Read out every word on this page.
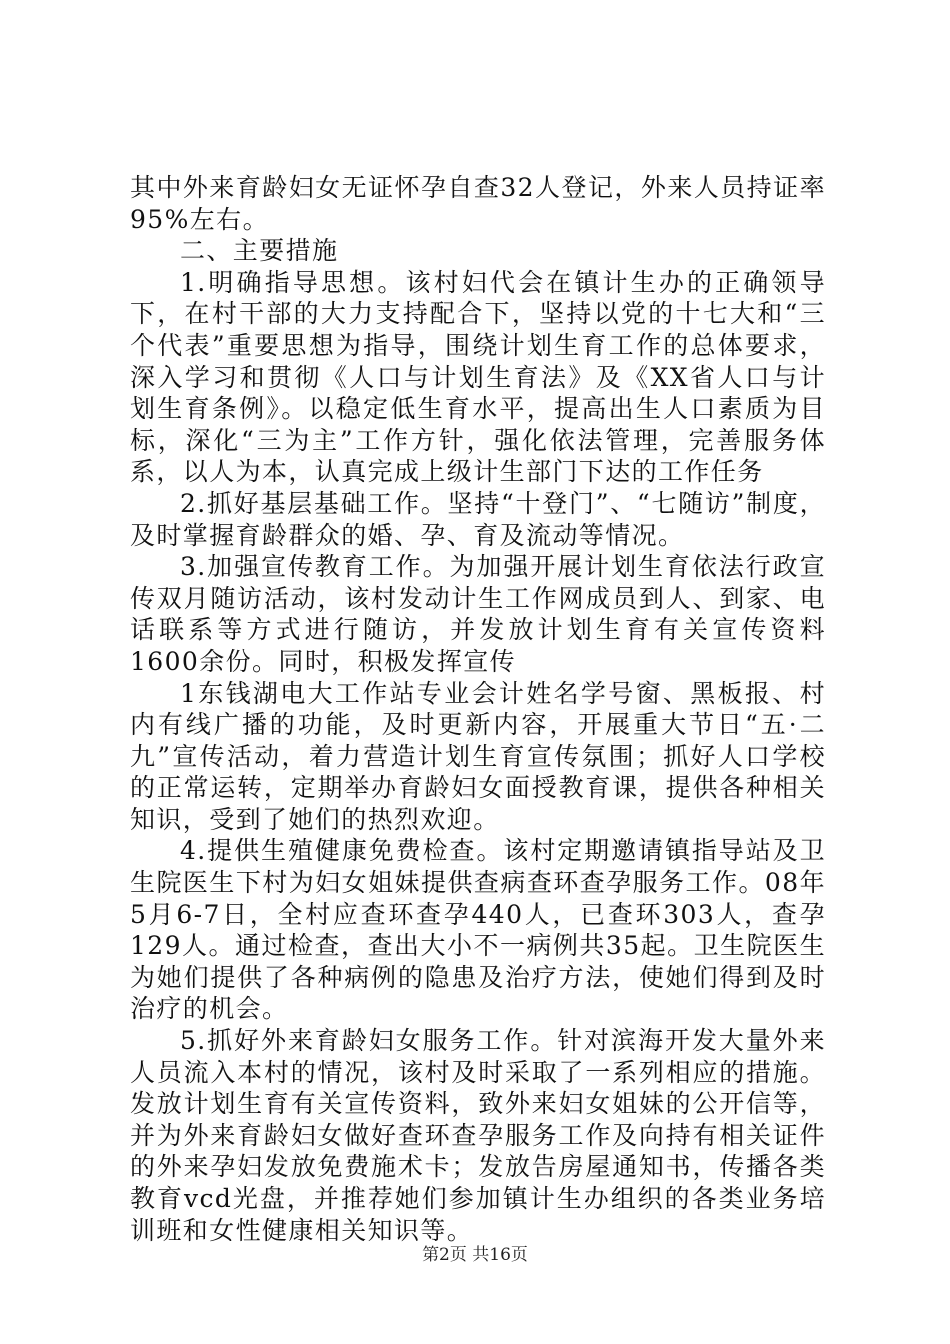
其中外来育龄妇女无证怀孕自查32人登记，外来人员持证率95%左右。

二、主要措施

1.明确指导思想。该村妇代会在镇计生办的正确领导下，在村干部的大力支持配合下，坚持以党的十七大和“三个代表”重要思想为指导，围绕计划生育工作的总体要求，深入学习和贯彻《人口与计划生育法》及《XX省人口与计划生育条例》。以稳定低生育水平，提高出生人口素质为目标，深化“三为主”工作方针，强化依法管理，完善服务体系，以人为本，认真完成上级计生部门下达的工作任务

2.抓好基层基础工作。坚持“十登门”、“七随访”制度，及时掌握育龄群众的婚、孕、育及流动等情况。

3.加强宣传教育工作。为加强开展计划生育依法行政宣传双月随访活动，该村发动计生工作网成员到人、到家、电话联系等方式进行随访，并发放计划生育有关宣传资料1600余份。同时，积极发挥宣传

1东钱湖电大工作站专业会计姓名学号窗、黑板报、村内有线广播的功能，及时更新内容，开展重大节日“五·二九”宣传活动，着力营造计划生育宣传氛围；抓好人口学校的正常运转，定期举办育龄妇女面授教育课，提供各种相关知识，受到了她们的热烈欢迎。

4.提供生殖健康免费检查。该村定期邀请镇指导站及卫生院医生下村为妇女姐妹提供查病查环查孕服务工作。08年5月6-7日，全村应查环查孕440人，已查环303人，查孕129人。通过检查，查出大小不一病例共35起。卫生院医生为她们提供了各种病例的隐患及治疗方法，使她们得到及时治疗的机会。

5.抓好外来育龄妇女服务工作。针对滨海开发大量外来人员流入本村的情况，该村及时采取了一系列相应的措施。发放计划生育有关宣传资料，致外来妇女姐妹的公开信等，并为外来育龄妇女做好查环查孕服务工作及向持有相关证件的外来孕妇发放免费施术卡；发放告房屋通知书，传播各类教育vcd光盘，并推荐她们参加镇计生办组织的各类业务培训班和女性健康相关知识等。

第2页 共16页
